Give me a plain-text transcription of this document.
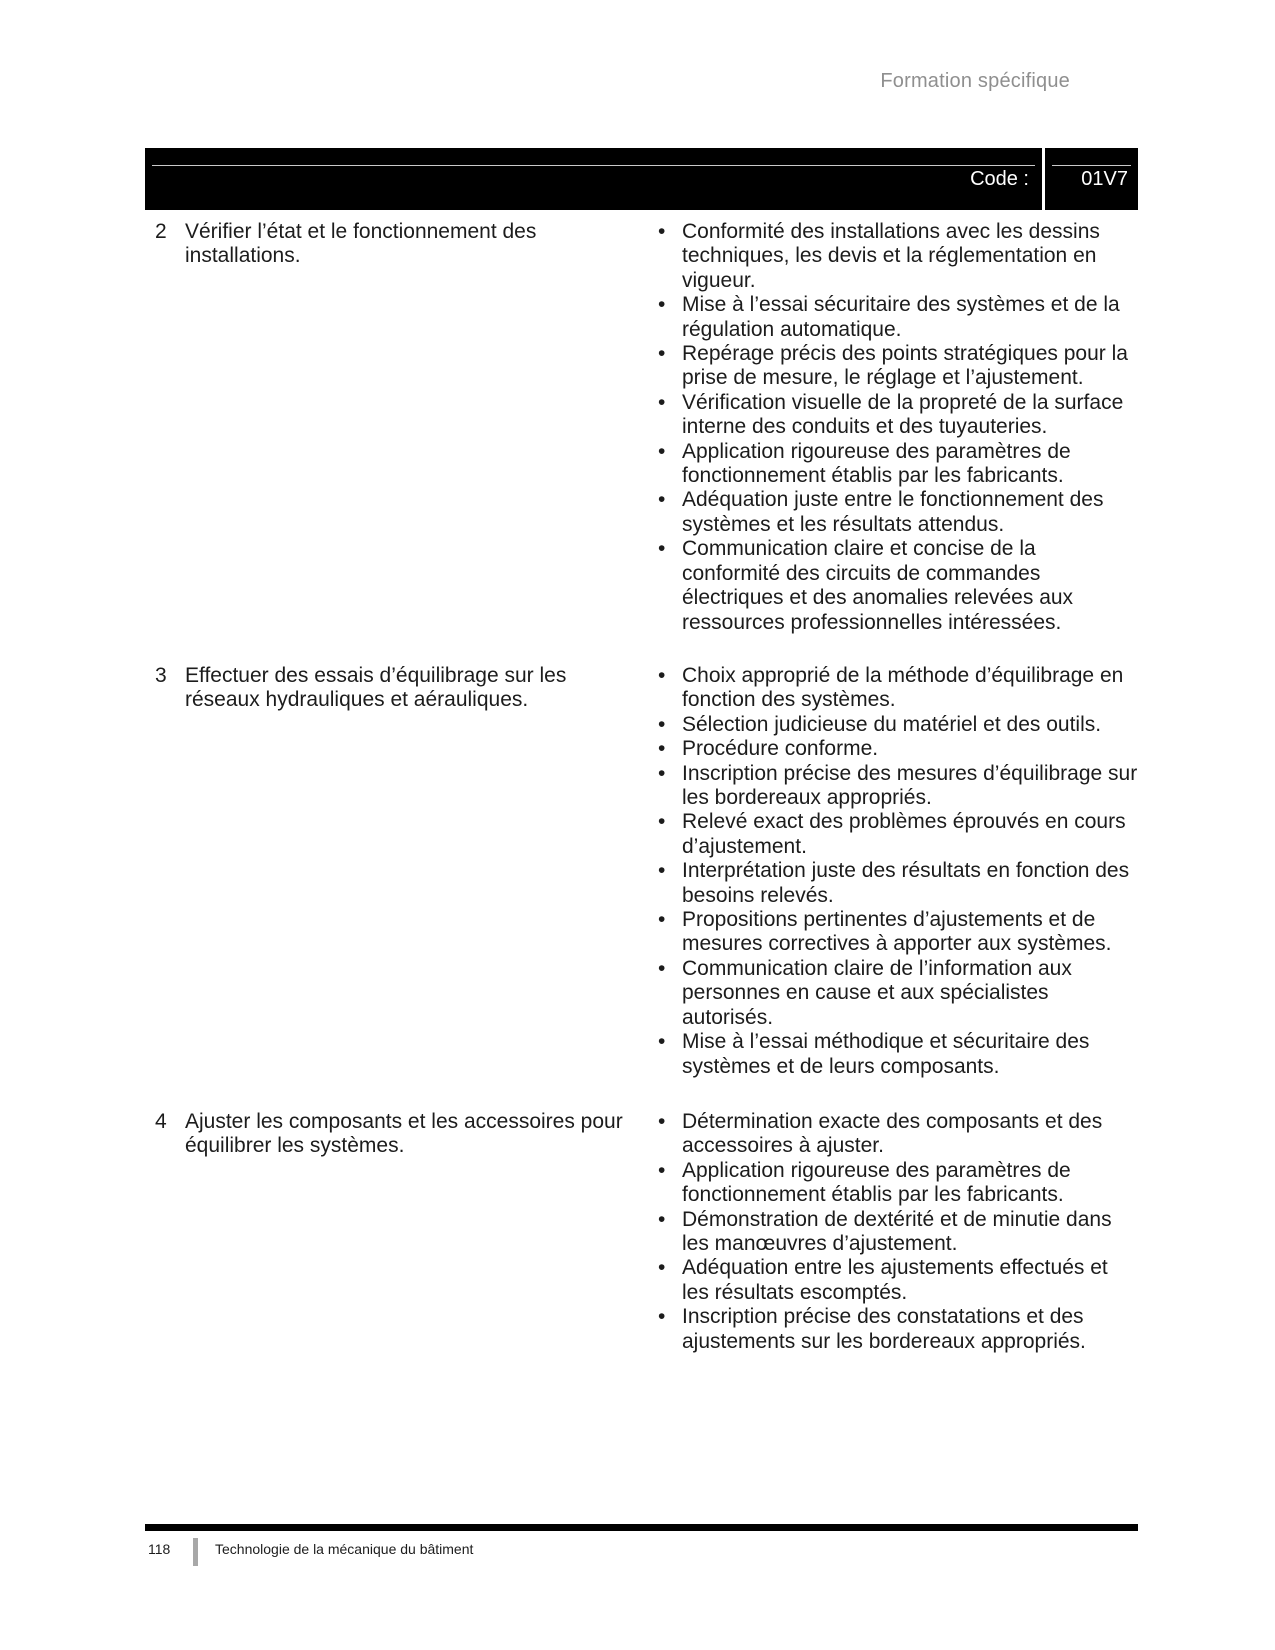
Formation spécifique
Code :	01V7
2 Vérifier l’état et le fonctionnement des installations.
• Conformité des installations avec les dessins techniques, les devis et la réglementation en vigueur.
• Mise à l’essai sécuritaire des systèmes et de la régulation automatique.
• Repérage précis des points stratégiques pour la prise de mesure, le réglage et l’ajustement.
• Vérification visuelle de la propreté de la surface interne des conduits et des tuyauteries.
• Application rigoureuse des paramètres de fonctionnement établis par les fabricants.
• Adéquation juste entre le fonctionnement des systèmes et les résultats attendus.
• Communication claire et concise de la conformité des circuits de commandes électriques et des anomalies relevées aux ressources professionnelles intéressées.
3 Effectuer des essais d’équilibrage sur les réseaux hydrauliques et aérauliques.
• Choix approprié de la méthode d’équilibrage en fonction des systèmes.
• Sélection judicieuse du matériel et des outils.
• Procédure conforme.
• Inscription précise des mesures d’équilibrage sur les bordereaux appropriés.
• Relevé exact des problèmes éprouvés en cours d’ajustement.
• Interprétation juste des résultats en fonction des besoins relevés.
• Propositions pertinentes d’ajustements et de mesures correctives à apporter aux systèmes.
• Communication claire de l’information aux personnes en cause et aux spécialistes autorisés.
• Mise à l’essai méthodique et sécuritaire des systèmes et de leurs composants.
4 Ajuster les composants et les accessoires pour équilibrer les systèmes.
• Détermination exacte des composants et des accessoires à ajuster.
• Application rigoureuse des paramètres de fonctionnement établis par les fabricants.
• Démonstration de dextérité et de minutie dans les manœuvres d’ajustement.
• Adéquation entre les ajustements effectués et les résultats escomptés.
• Inscription précise des constatations et des ajustements sur les bordereaux appropriés.
118	Technologie de la mécanique du bâtiment
